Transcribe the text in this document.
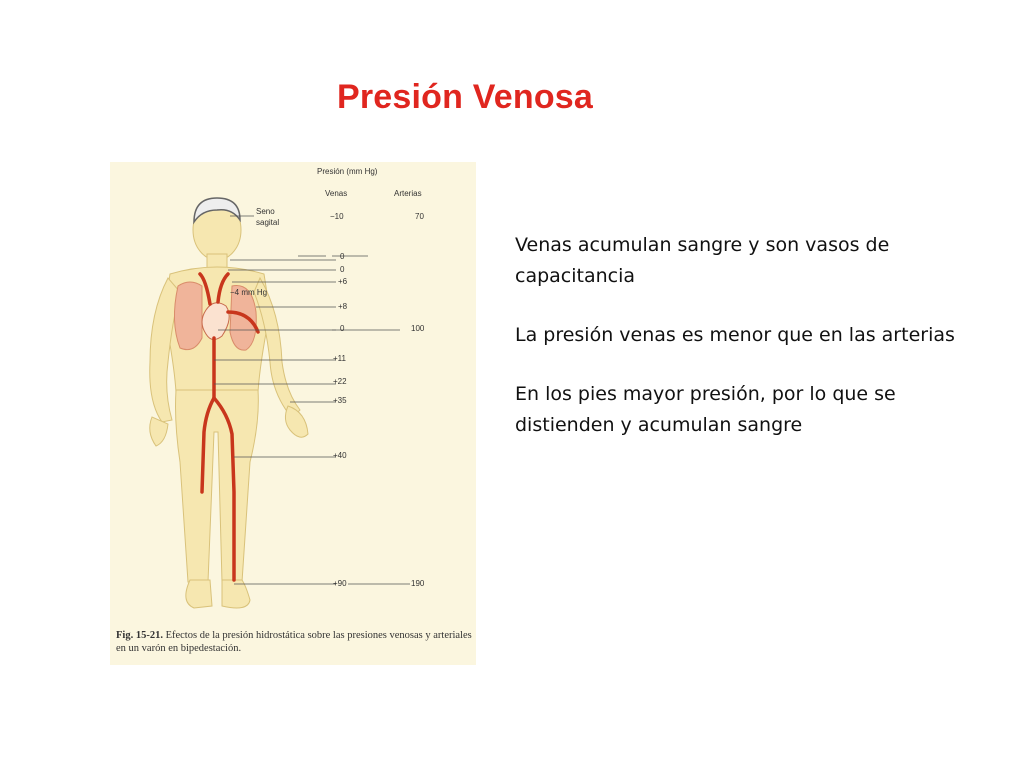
Presión Venosa
Presión (mm Hg)
Venas	Arterias
Seno
sagital
−4 mm Hg
−10
0
0
+6
+8
0
+11
+22
+35
+40
+90
70
100
190
Fig. 15-21. Efectos de la presión hidrostática sobre las presiones venosas y arteriales en un varón en bipedestación.

Venas acumulan sangre y son vasos de capacitancia

La presión venas es menor que en las arterias

En los pies mayor presión, por lo que se distienden y acumulan sangre
